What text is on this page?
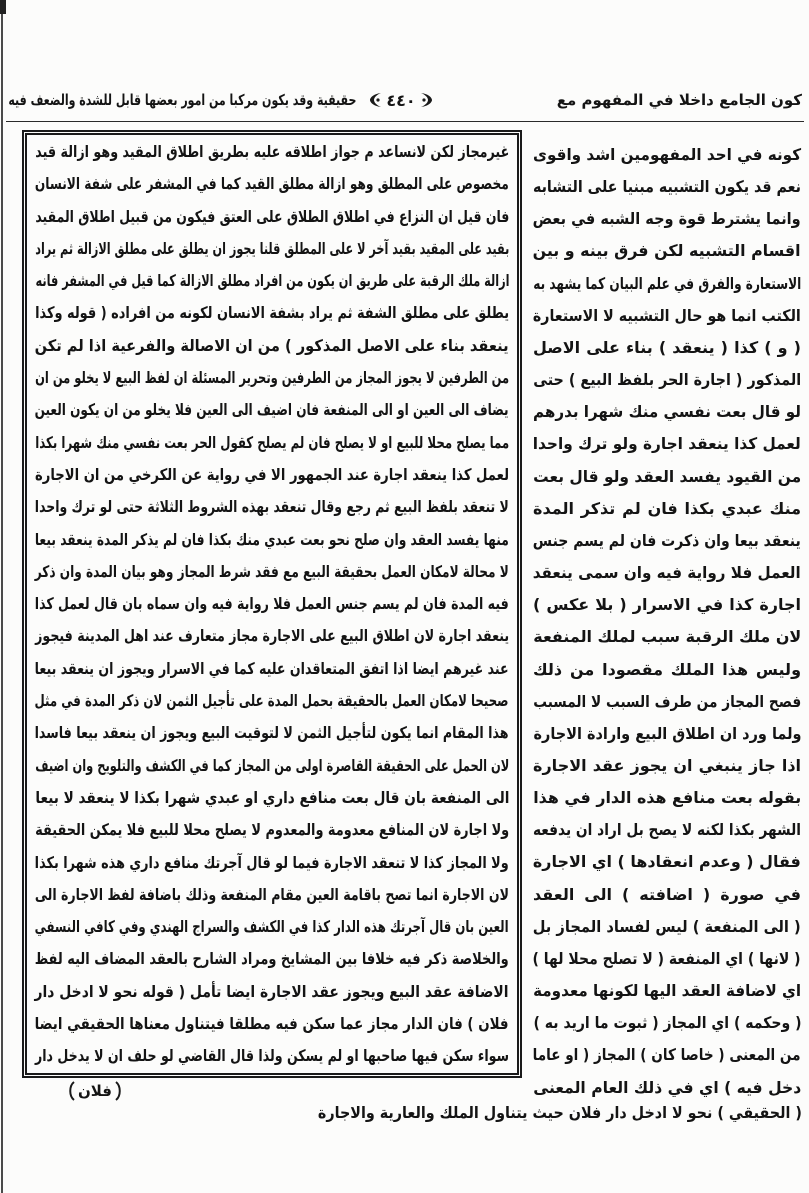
حقيقية وقد يكون مركبا من امور بعضها قابل للشدة والضعف فيه ٤٤٠	كون الجامع داخلا في المفهوم مع
غيرمجاز لكن لانساعد م جواز اطلاقه عليه بطريق اطلاق المقيد وهو ازالة قيد
مخصوص على المطلق وهو ازالة مطلق القيد كما في المشفر على شفة الانسان
فان قيل ان النزاع في اطلاق الطلاق على العتق فيكون من قبيل اطلاق المقيد
بقيد على المقيد بقيد آخر لا على المطلق قلنا يجوز ان يطلق على مطلق الازالة ثم يراد
ازالة ملك الرقبة على طريق ان يكون من افراد مطلق الازالة كما قيل في المشفر فانه
يطلق على مطلق الشفة ثم يراد بشفة الانسان لكونه من افراده ( قوله وكذا
ينعقد بناء على الاصل المذكور ) من ان الاصالة والفرعية اذا لم تكن
من الطرفين لا يجوز المجاز من الطرفين وتحرير المسئلة ان لفظ البيع لا يخلو من ان
يضاف الى العين او الى المنفعة فان اضيف الى العين فلا يخلو من ان يكون العين
مما يصلح محلا للبيع او لا يصلح فان لم يصلح كقول الحر بعت نفسي منك شهرا بكذا
لعمل كذا ينعقد اجارة عند الجمهور الا في رواية عن الكرخي من ان الاجارة
لا تنعقد بلفظ البيع ثم رجع وقال تنعقد بهذه الشروط الثلاثة حتى لو ترك واحدا
منها يفسد العقد وان صلح نحو بعت عبدي منك بكذا فان لم يذكر المدة ينعقد بيعا
لا محالة لامكان العمل بحقيقة البيع مع فقد شرط المجاز وهو بيان المدة وان ذكر
فيه المدة فان لم يسم جنس العمل فلا رواية فيه وان سماه بان قال لعمل كذا
ينعقد اجارة لان اطلاق البيع على الاجارة مجاز متعارف عند اهل المدينة فيجوز
عند غيرهم ايضا اذا اتفق المتعاقدان عليه كما في الاسرار ويجوز ان ينعقد بيعا
صحيحا لامكان العمل بالحقيقة بحمل المدة على تأجيل الثمن لان ذكر المدة في مثل
هذا المقام انما يكون لتأجيل الثمن لا لتوقيت البيع ويجوز ان ينعقد بيعا فاسدا
لان الحمل على الحقيقة القاصرة اولى من المجاز كما في الكشف والتلويح وان اضيف
الى المنفعة بان قال بعت منافع داري او عبدي شهرا بكذا لا ينعقد لا بيعا
ولا اجارة لان المنافع معدومة والمعدوم لا يصلح محلا للبيع فلا يمكن الحقيقة
ولا المجاز كذا لا تنعقد الاجارة فيما لو قال آجرتك منافع داري هذه شهرا بكذا
لان الاجارة انما تصح باقامة العين مقام المنفعة وذلك باضافة لفظ الاجارة الى
العين بان قال آجرتك هذه الدار كذا في الكشف والسراج الهندي وفي كافي النسفي
والخلاصة ذكر فيه خلافا بين المشايخ ومراد الشارح بالعقد المضاف اليه لفظ
الاضافة عقد البيع ويجوز عقد الاجارة ايضا تأمل ( قوله نحو لا ادخل دار
فلان ) فان الدار مجاز عما سكن فيه مطلقا فيتناول معناها الحقيقي ايضا
سواء سكن فيها صاحبها او لم يسكن ولذا قال القاضي لو حلف ان لا يدخل دار
كونه في احد المفهومين اشد واقوى
نعم قد يكون التشبيه مبنيا على التشابه
وانما يشترط قوة وجه الشبه في بعض
اقسام التشبيه لكن فرق بينه و بين
الاستعارة والفرق في علم البيان كما يشهد به
الكتب انما هو حال التشبيه لا الاستعارة
( و ) كذا ( ينعقد ) بناء على الاصل
المذكور ( اجارة الحر بلفظ البيع ) حتى
لو قال بعت نفسي منك شهرا بدرهم
لعمل كذا ينعقد اجارة ولو ترك واحدا
من القيود يفسد العقد ولو قال بعت
منك عبدي بكذا فان لم تذكر المدة
ينعقد بيعا وان ذكرت فان لم يسم جنس
العمل فلا رواية فيه وان سمى ينعقد
اجارة كذا في الاسرار ( بلا عكس )
لان ملك الرقبة سبب لملك المنفعة
وليس هذا الملك مقصودا من ذلك
فصح المجاز من طرف السبب لا المسبب
ولما ورد ان اطلاق البيع وارادة الاجارة
اذا جاز ينبغي ان يجوز عقد الاجارة
بقوله بعت منافع هذه الدار في هذا
الشهر بكذا لكنه لا يصح بل اراد ان يدفعه
فقال ( وعدم انعقادها ) اي الاجارة
في صورة ( اضافته ) الى العقد
( الى المنفعة ) ليس لفساد المجاز بل
( لانها ) اي المنفعة ( لا تصلح محلا لها )
اي لاضافة العقد اليها لكونها معدومة
( وحكمه ) اي المجاز ( ثبوت ما اريد به )
من المعنى ( خاصا كان ) المجاز ( او عاما
دخل فيه ) اي في ذلك العام المعنى
( الحقيقي ) نحو لا ادخل دار فلان حيث يتناول الملك والعارية والاجارة
فلان
